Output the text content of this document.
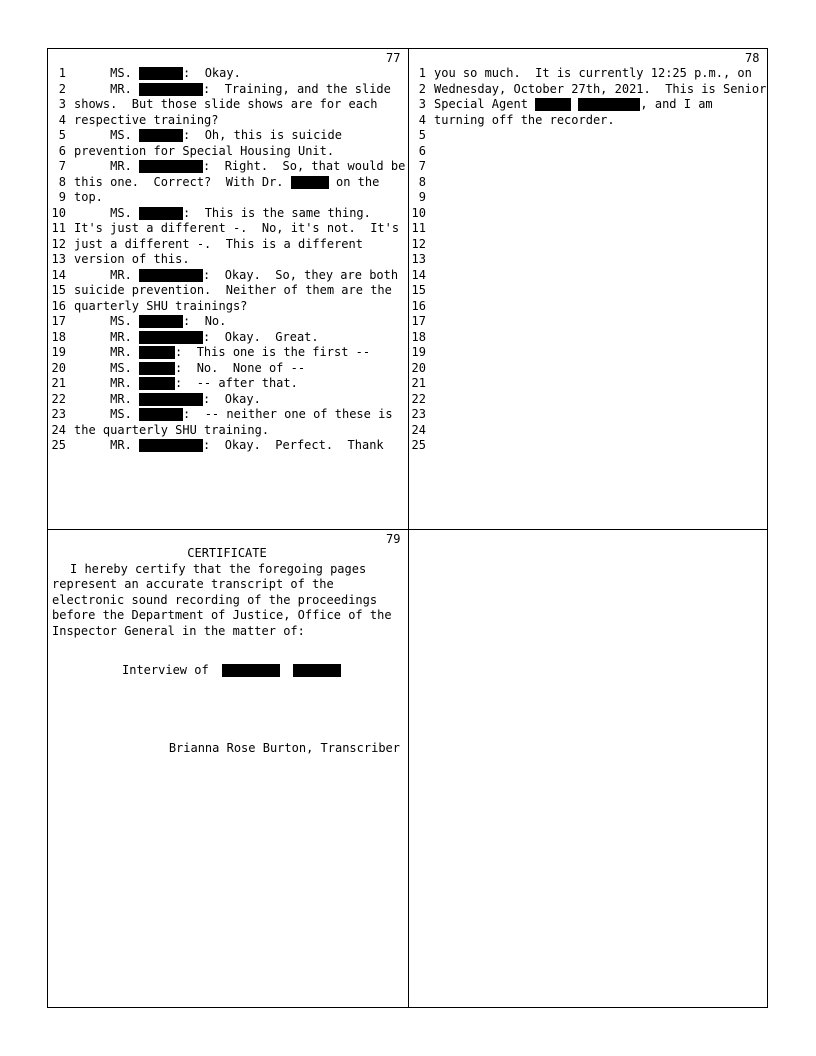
77	78
79
1     MS.	:  Okay.
2     MR.	:  Training, and the slide
3 shows.  But those slide shows are for each
4 respective training?
5     MS.	:  Oh, this is suicide
6 prevention for Special Housing Unit.
7     MR.	:  Right.  So, that would be
8 this one.  Correct?  With Dr.	on the
9 top.
10     MS.	:  This is the same thing.
11 It's just a different -.  No, it's not.  It's
12 just a different -.  This is a different
13 version of this.
14     MR.	:  Okay.  So, they are both
15 suicide prevention.  Neither of them are the
16 quarterly SHU trainings?
17     MS.	:  No.
18     MR.	:  Okay.  Great.
19     MR.	:  This one is the first --
20     MS.	:  No.  None of --
21     MR.	:  -- after that.
22     MR.	:  Okay.
23     MS.	:  -- neither one of these is
24 the quarterly SHU training.
25     MR.	:  Okay.  Perfect.  Thank
1 you so much.  It is currently 12:25 p.m., on
2 Wednesday, October 27th, 2021.  This is Senior
3 Special Agent	, and I am
4 turning off the recorder.
5
6
7
8
9
10
11
12
13
14
15
16
17
18
19
20
21
22
23
24
25
CERTIFICATE

I hereby certify that the foregoing pages represent an accurate transcript of the electronic sound recording of the proceedings before the Department of Justice, Office of the Inspector General in the matter of:

Interview of
Brianna Rose Burton, Transcriber
